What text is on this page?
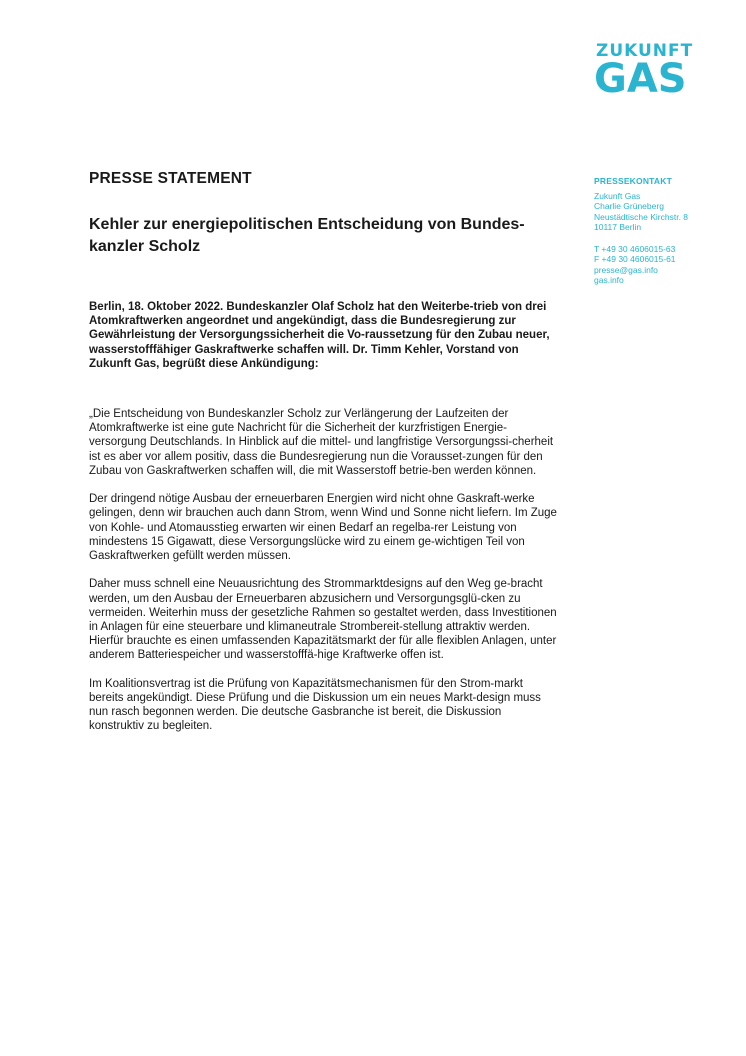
ZUKUNFT
GAS
PRESSE STATEMENT
Kehler zur energiepolitischen Entscheidung von Bundes-kanzler Scholz

Berlin, 18. Oktober 2022. Bundeskanzler Olaf Scholz hat den Weiterbe-trieb von drei Atomkraftwerken angeordnet und angekündigt, dass die Bundesregierung zur Gewährleistung der Versorgungssicherheit die Vo-raussetzung für den Zubau neuer, wasserstofffähiger Gaskraftwerke schaffen will. Dr. Timm Kehler, Vorstand von Zukunft Gas, begrüßt diese Ankündigung:

„Die Entscheidung von Bundeskanzler Scholz zur Verlängerung der Laufzeiten der Atomkraftwerke ist eine gute Nachricht für die Sicherheit der kurzfristigen Energie-versorgung Deutschlands. In Hinblick auf die mittel- und langfristige Versorgungssi-cherheit ist es aber vor allem positiv, dass die Bundesregierung nun die Vorausset-zungen für den Zubau von Gaskraftwerken schaffen will, die mit Wasserstoff betrie-ben werden können.

Der dringend nötige Ausbau der erneuerbaren Energien wird nicht ohne Gaskraft-werke gelingen, denn wir brauchen auch dann Strom, wenn Wind und Sonne nicht liefern. Im Zuge von Kohle- und Atomausstieg erwarten wir einen Bedarf an regelba-rer Leistung von mindestens 15 Gigawatt, diese Versorgungslücke wird zu einem ge-wichtigen Teil von Gaskraftwerken gefüllt werden müssen.

Daher muss schnell eine Neuausrichtung des Strommarktdesigns auf den Weg ge-bracht werden, um den Ausbau der Erneuerbaren abzusichern und Versorgungsglü-cken zu vermeiden. Weiterhin muss der gesetzliche Rahmen so gestaltet werden, dass Investitionen in Anlagen für eine steuerbare und klimaneutrale Strombereit-stellung attraktiv werden. Hierfür brauchte es einen umfassenden Kapazitätsmarkt der für alle flexiblen Anlagen, unter anderem Batteriespeicher und wasserstofffä-hige Kraftwerke offen ist.

Im Koalitionsvertrag ist die Prüfung von Kapazitätsmechanismen für den Strom-markt bereits angekündigt. Diese Prüfung und die Diskussion um ein neues Markt-design muss nun rasch begonnen werden. Die deutsche Gasbranche ist bereit, die Diskussion konstruktiv zu begleiten.

PRESSEKONTAKT
Zukunft Gas
Charlie Grüneberg
Neustädtische Kirchstr. 8
10117 Berlin
T +49 30 4606015-63
F +49 30 4606015-61
presse@gas.info
gas.info
